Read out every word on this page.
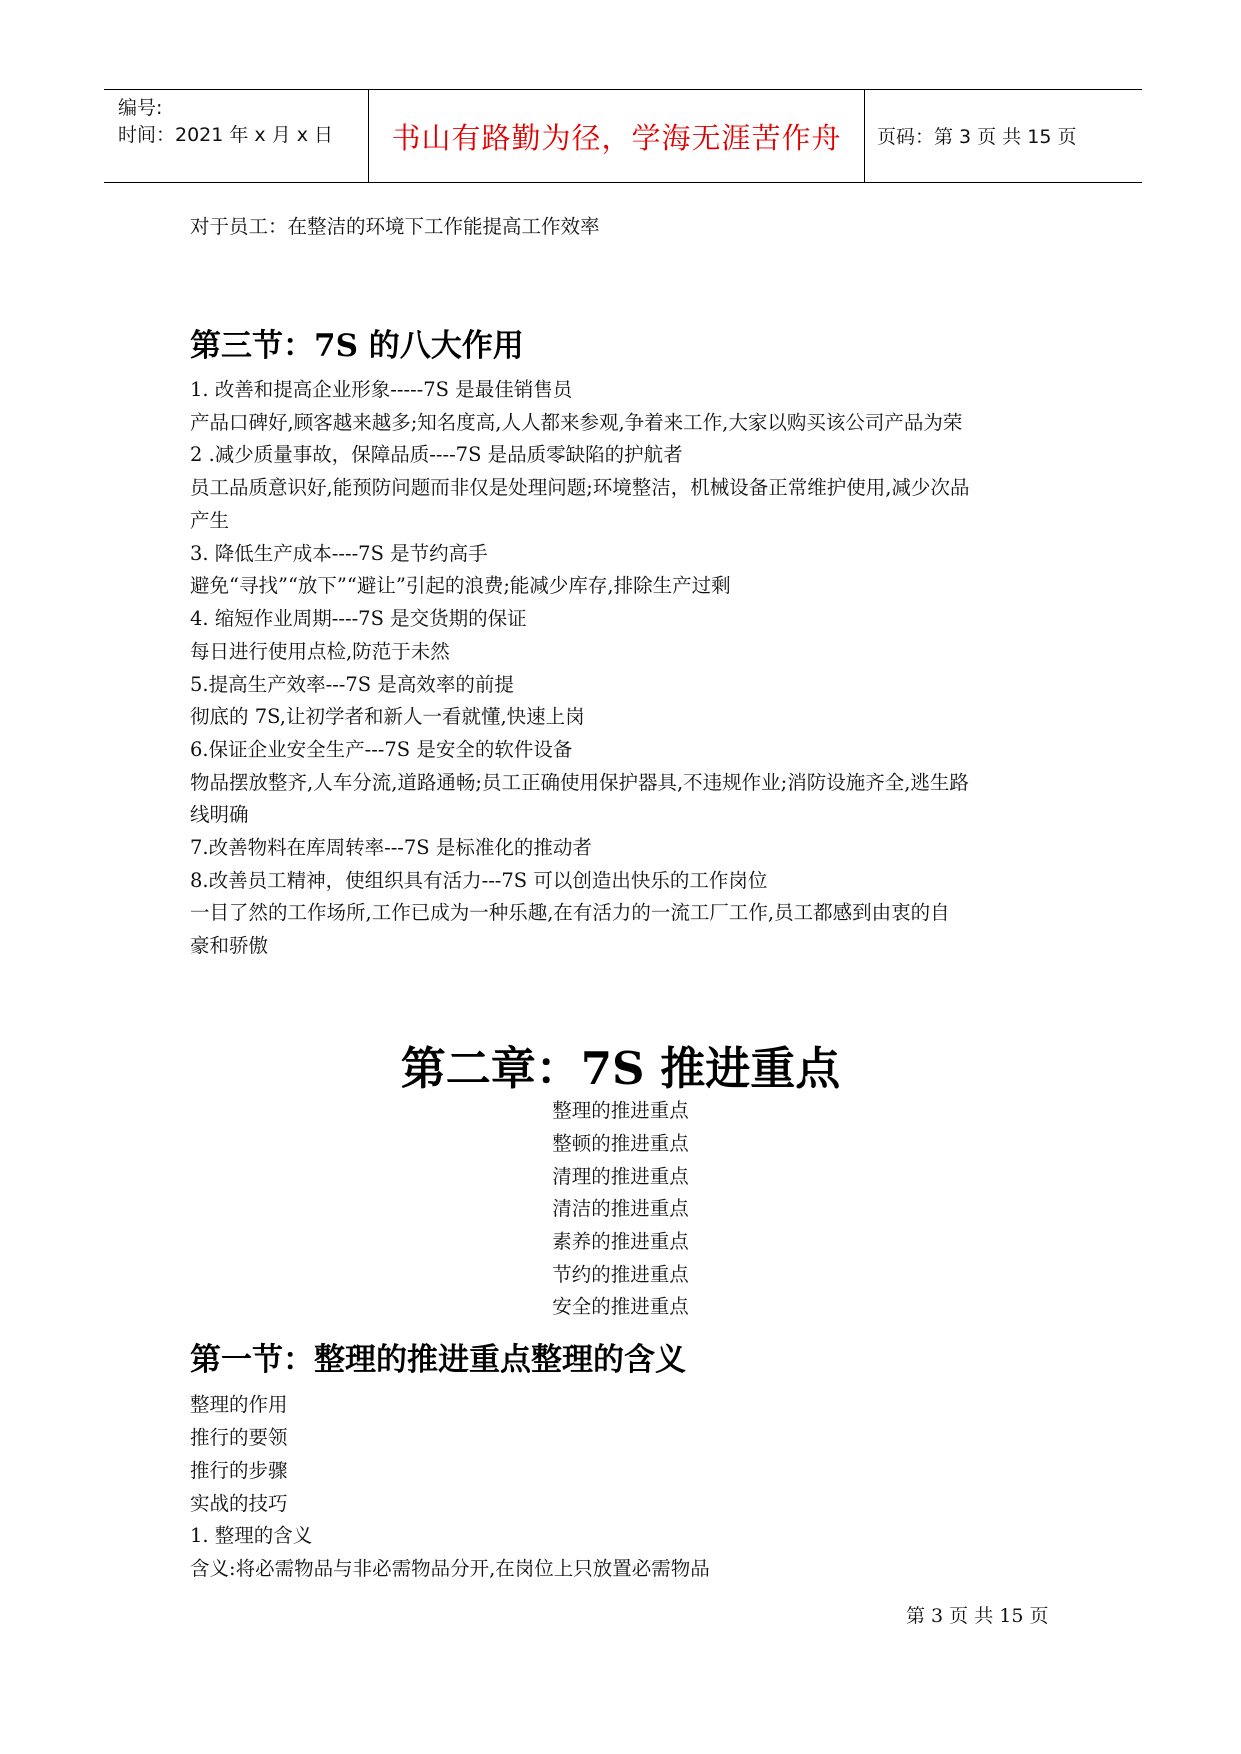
编号:
时间：2021 年 x 月 x 日	书山有路勤为径，学海无涯苦作舟	页码：第 3 页 共 15 页
对于员工：在整洁的环境下工作能提高工作效率
第三节：7S 的八大作用
1. 改善和提高企业形象-----7S 是最佳销售员
产品口碑好,顾客越来越多;知名度高,人人都来参观,争着来工作,大家以购买该公司产品为荣
2 .减少质量事故，保障品质----7S 是品质零缺陷的护航者
员工品质意识好,能预防问题而非仅是处理问题;环境整洁，机械设备正常维护使用,减少次品
产生
3. 降低生产成本----7S 是节约高手
避免“寻找”“放下”“避让”引起的浪费;能减少库存,排除生产过剩
4. 缩短作业周期----7S 是交货期的保证
每日进行使用点检,防范于未然
5.提高生产效率---7S 是高效率的前提
彻底的 7S,让初学者和新人一看就懂,快速上岗
6.保证企业安全生产---7S 是安全的软件设备
物品摆放整齐,人车分流,道路通畅;员工正确使用保护器具,不违规作业;消防设施齐全,逃生路
线明确
7.改善物料在库周转率---7S 是标准化的推动者
8.改善员工精神，使组织具有活力---7S 可以创造出快乐的工作岗位
一目了然的工作场所,工作已成为一种乐趣,在有活力的一流工厂工作,员工都感到由衷的自
豪和骄傲
第二章：7S 推进重点
整理的推进重点
整顿的推进重点
清理的推进重点
清洁的推进重点
素养的推进重点
节约的推进重点
安全的推进重点
第一节：整理的推进重点整理的含义
整理的作用
推行的要领
推行的步骤
实战的技巧
1. 整理的含义
含义:将必需物品与非必需物品分开,在岗位上只放置必需物品
第 3 页 共 15 页
